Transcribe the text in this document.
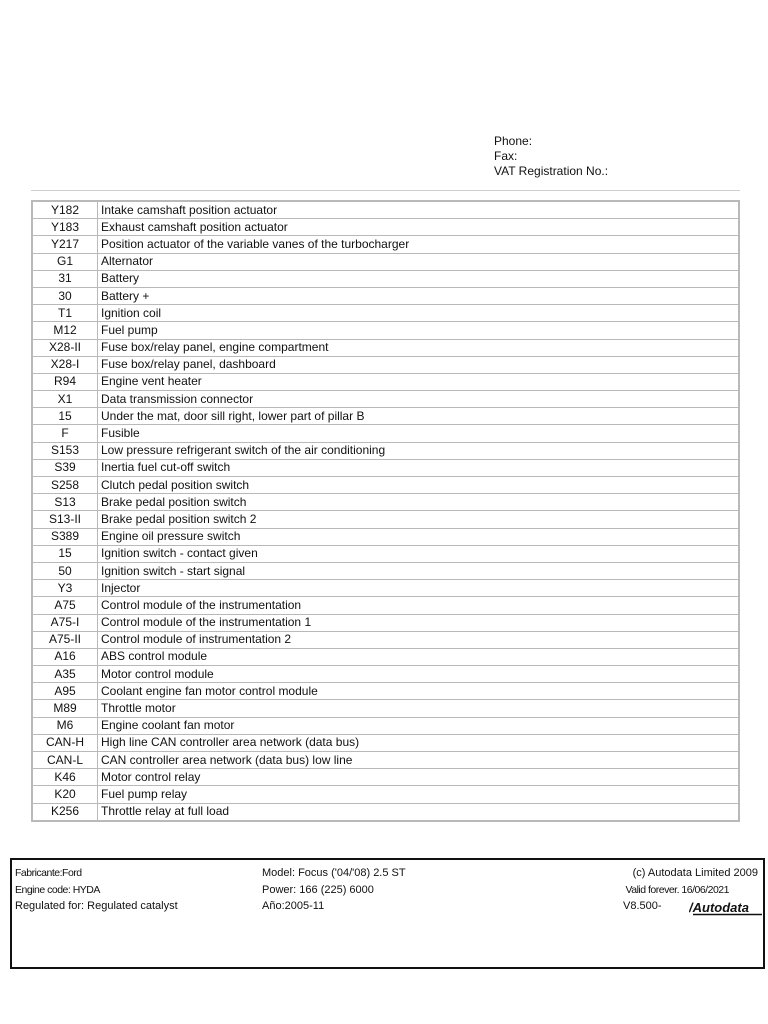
Phone:
Fax:
VAT Registration No.:
Y182	Intake camshaft position actuator
Y183	Exhaust camshaft position actuator
Y217	Position actuator of the variable vanes of the turbocharger
G1	Alternator
31	Battery
30	Battery +
T1	Ignition coil
M12	Fuel pump
X28-II	Fuse box/relay panel, engine compartment
X28-I	Fuse box/relay panel, dashboard
R94	Engine vent heater
X1	Data transmission connector
15	Under the mat, door sill right, lower part of pillar B
F	Fusible
S153	Low pressure refrigerant switch of the air conditioning
S39	Inertia fuel cut-off switch
S258	Clutch pedal position switch
S13	Brake pedal position switch
S13-II	Brake pedal position switch 2
S389	Engine oil pressure switch
15	Ignition switch - contact given
50	Ignition switch - start signal
Y3	Injector
A75	Control module of the instrumentation
A75-I	Control module of the instrumentation 1
A75-II	Control module of instrumentation 2
A16	ABS control module
A35	Motor control module
A95	Coolant engine fan motor control module
M89	Throttle motor
M6	Engine coolant fan motor
CAN-H	High line CAN controller area network (data bus)
CAN-L	CAN controller area network (data bus) low line
K46	Motor control relay
K20	Fuel pump relay
K256	Throttle relay at full load
Fabricante:Ford
Engine code: HYDA
Regulated for: Regulated catalyst
Model: Focus ('04/'08) 2.5 ST
Power: 166 (225) 6000
Año:2005-11
(c) Autodata Limited 2009
Valid forever. 16/06/2021
V8.500- /Autodata
